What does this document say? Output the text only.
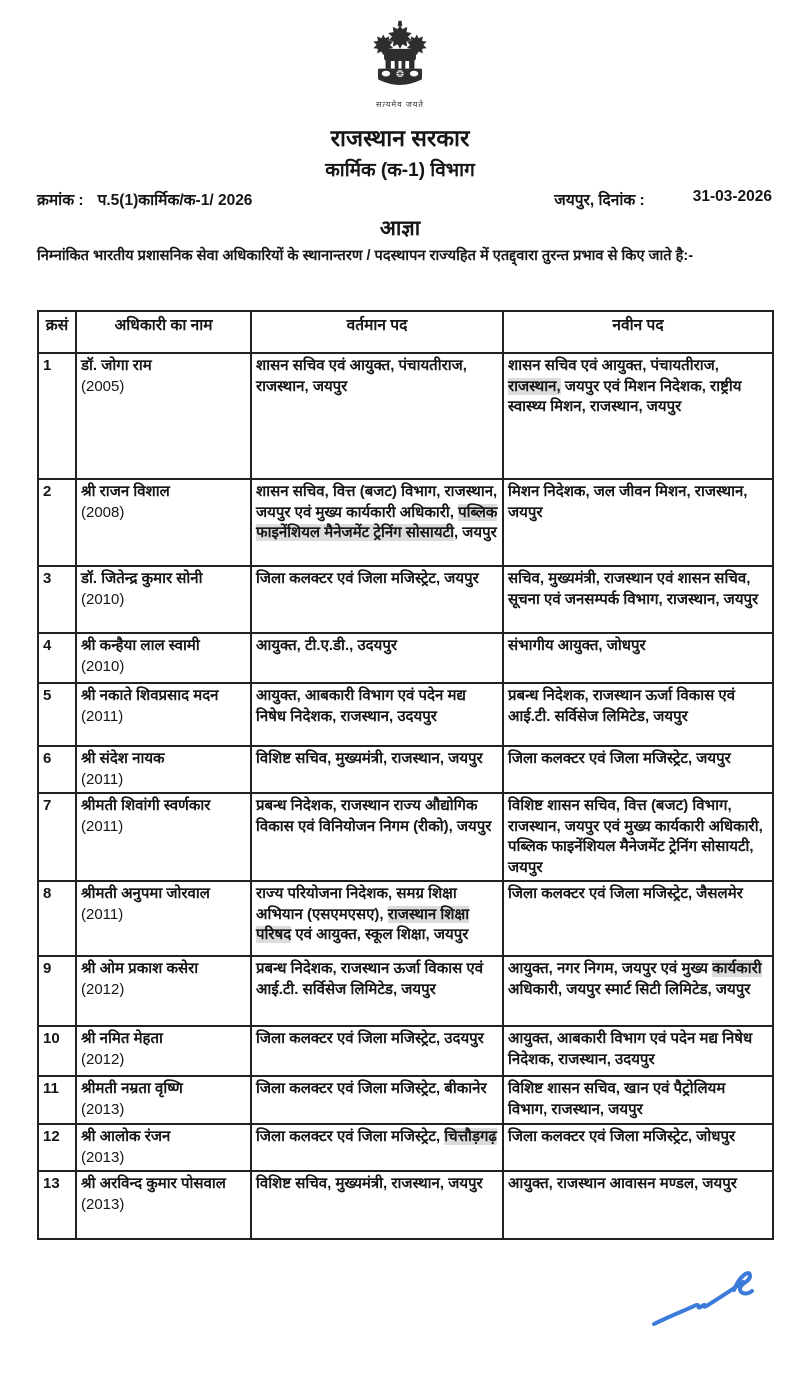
सत्यमेव जयते
राजस्थान सरकार
कार्मिक (क-1) विभाग
क्रमांक : प.5(1)कार्मिक/क-1/ 2026	जयपुर, दिनांक :	31-03-2026
आज्ञा
निम्नांकित भारतीय प्रशासनिक सेवा अधिकारियों के स्थानान्तरण / पदस्थापन राज्यहित में एतद्द्वारा तुरन्त प्रभाव से किए जाते है:-
क्रसं	अधिकारी का नाम	वर्तमान पद	नवीन पद
1	डॉ. जोगा राम
(2005)	शासन सचिव एवं आयुक्त, पंचायतीराज, राजस्थान, जयपुर	शासन सचिव एवं आयुक्त, पंचायतीराज, राजस्थान, जयपुर एवं मिशन निदेशक, राष्ट्रीय स्वास्थ्य मिशन, राजस्थान, जयपुर
2	श्री राजन विशाल
(2008)	शासन सचिव, वित्त (बजट) विभाग, राजस्थान, जयपुर एवं मुख्य कार्यकारी अधिकारी, पब्लिक फाइनेंशियल मैनेजमेंट ट्रेनिंग सोसायटी, जयपुर	मिशन निदेशक, जल जीवन मिशन, राजस्थान, जयपुर
3	डॉ. जितेन्द्र कुमार सोनी
(2010)	जिला कलक्टर एवं जिला मजिस्ट्रेट, जयपुर	सचिव, मुख्यमंत्री, राजस्थान एवं शासन सचिव, सूचना एवं जनसम्पर्क विभाग, राजस्थान, जयपुर
4	श्री कन्हैया लाल स्वामी
(2010)	आयुक्त, टी.ए.डी., उदयपुर	संभागीय आयुक्त, जोधपुर
5	श्री नकाते शिवप्रसाद मदन
(2011)	आयुक्त, आबकारी विभाग एवं पदेन मद्य निषेध निदेशक, राजस्थान, उदयपुर	प्रबन्ध निदेशक, राजस्थान ऊर्जा विकास एवं आई.टी. सर्विसेज लिमिटेड, जयपुर
6	श्री संदेश नायक
(2011)	विशिष्ट सचिव, मुख्यमंत्री, राजस्थान, जयपुर	जिला कलक्टर एवं जिला मजिस्ट्रेट, जयपुर
7	श्रीमती शिवांगी स्वर्णकार
(2011)	प्रबन्ध निदेशक, राजस्थान राज्य औद्योगिक विकास एवं विनियोजन निगम (रीको), जयपुर	विशिष्ट शासन सचिव, वित्त (बजट) विभाग, राजस्थान, जयपुर एवं मुख्य कार्यकारी अधिकारी, पब्लिक फाइनेंशियल मैनेजमेंट ट्रेनिंग सोसायटी, जयपुर
8	श्रीमती अनुपमा जोरवाल
(2011)	राज्य परियोजना निदेशक, समग्र शिक्षा अभियान (एसएमएसए), राजस्थान शिक्षा परिषद एवं आयुक्त, स्कूल शिक्षा, जयपुर	जिला कलक्टर एवं जिला मजिस्ट्रेट, जैसलमेर
9	श्री ओम प्रकाश कसेरा
(2012)	प्रबन्ध निदेशक, राजस्थान ऊर्जा विकास एवं आई.टी. सर्विसेज लिमिटेड, जयपुर	आयुक्त, नगर निगम, जयपुर एवं मुख्य कार्यकारी अधिकारी, जयपुर स्मार्ट सिटी लिमिटेड, जयपुर
10	श्री नमित मेहता
(2012)	जिला कलक्टर एवं जिला मजिस्ट्रेट, उदयपुर	आयुक्त, आबकारी विभाग एवं पदेन मद्य निषेध निदेशक, राजस्थान, उदयपुर
11	श्रीमती नम्रता वृष्णि
(2013)	जिला कलक्टर एवं जिला मजिस्ट्रेट, बीकानेर	विशिष्ट शासन सचिव, खान एवं पैट्रोलियम विभाग, राजस्थान, जयपुर
12	श्री आलोक रंजन
(2013)	जिला कलक्टर एवं जिला मजिस्ट्रेट, चित्तौड़गढ़	जिला कलक्टर एवं जिला मजिस्ट्रेट, जोधपुर
13	श्री अरविन्द कुमार पोसवाल
(2013)	विशिष्ट सचिव, मुख्यमंत्री, राजस्थान, जयपुर	आयुक्त, राजस्थान आवासन मण्डल, जयपुर
